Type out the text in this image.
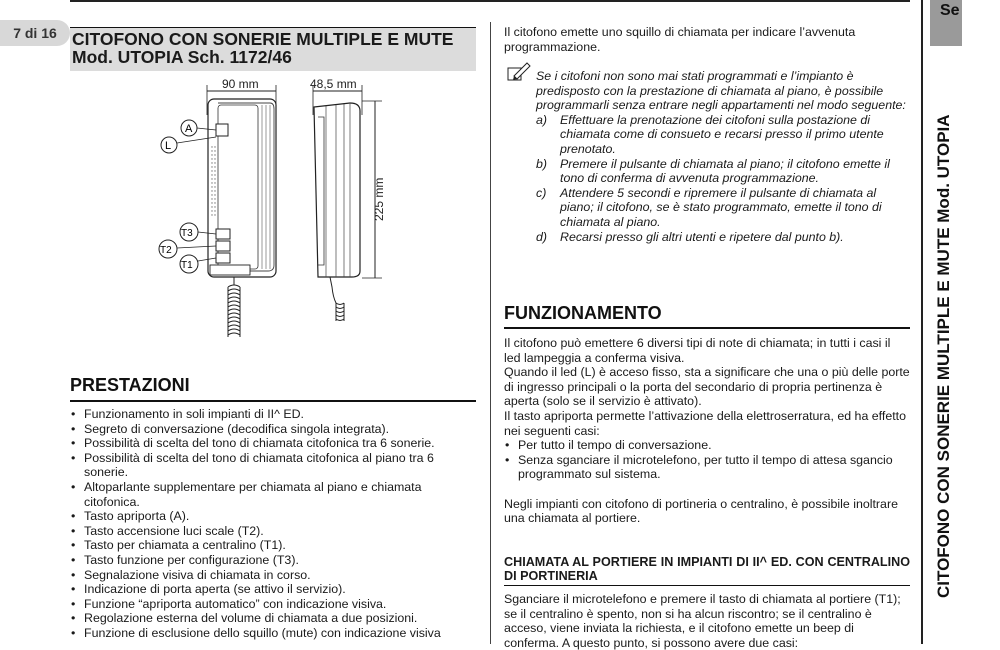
7 di 16 CITOFONO CON SONERIE MULTIPLE E MUTE
Mod. UTOPIA Sch. 1172/46
90 mm	48,5 mm
225 mm
A
L
T3
T2
T1
PRESTAZIONI
• Funzionamento in soli impianti di II^ ED.
• Segreto di conversazione (decodifica singola integrata).
• Possibilità di scelta del tono di chiamata citofonica tra 6 sonerie.
• Possibilità di scelta del tono di chiamata citofonica al piano tra 6 sonerie.
• Altoparlante supplementare per chiamata al piano e chiamata citofonica.
• Tasto apriporta (A).
• Tasto accensione luci scale (T2).
• Tasto per chiamata a centralino (T1).
• Tasto funzione per configurazione (T3).
• Segnalazione visiva di chiamata in corso.
• Indicazione di porta aperta (se attivo il servizio).
• Funzione “apriporta automatico” con indicazione visiva.
• Regolazione esterna del volume di chiamata a due posizioni.
• Funzione di esclusione dello squillo (mute) con indicazione visiva
Il citofono emette uno squillo di chiamata per indicare l’avvenuta programmazione.
Se i citofoni non sono mai stati programmati e l’impianto è predisposto con la prestazione di chiamata al piano, è possibile programmarli senza entrare negli appartamenti nel modo seguente:
a) Effettuare la prenotazione dei citofoni sulla postazione di chiamata come di consueto e recarsi presso il primo utente prenotato.
b) Premere il pulsante di chiamata al piano; il citofono emette il tono di conferma di avvenuta programmazione.
c) Attendere 5 secondi e ripremere il pulsante di chiamata al piano; il citofono, se è stato programmato, emette il tono di chiamata al piano.
d) Recarsi presso gli altri utenti e ripetere dal punto b).
FUNZIONAMENTO
Il citofono può emettere 6 diversi tipi di note di chiamata; in tutti i casi il led lampeggia a conferma visiva.
Quando il led (L) è acceso fisso, sta a significare che una o più delle porte di ingresso principali o la porta del secondario di propria pertinenza è aperta (solo se il servizio è attivato).
Il tasto apriporta permette l’attivazione della elettroserratura, ed ha effetto nei seguenti casi:
• Per tutto il tempo di conversazione.
• Senza sganciare il microtelefono, per tutto il tempo di attesa sgancio programmato sul sistema.
Negli impianti con citofono di portineria o centralino, è possibile inoltrare una chiamata al portiere.
CHIAMATA AL PORTIERE IN IMPIANTI DI II^ ED. CON CENTRALINO DI PORTINERIA
Sganciare il microtelefono e premere il tasto di chiamata al portiere (T1); se il centralino è spento, non si ha alcun riscontro; se il centralino è acceso, viene inviata la richiesta, e il citofono emette un beep di conferma. A questo punto, si possono avere due casi:
Se
CITOFONO CON SONERIE MULTIPLE E MUTE Mod. UTOPIA
